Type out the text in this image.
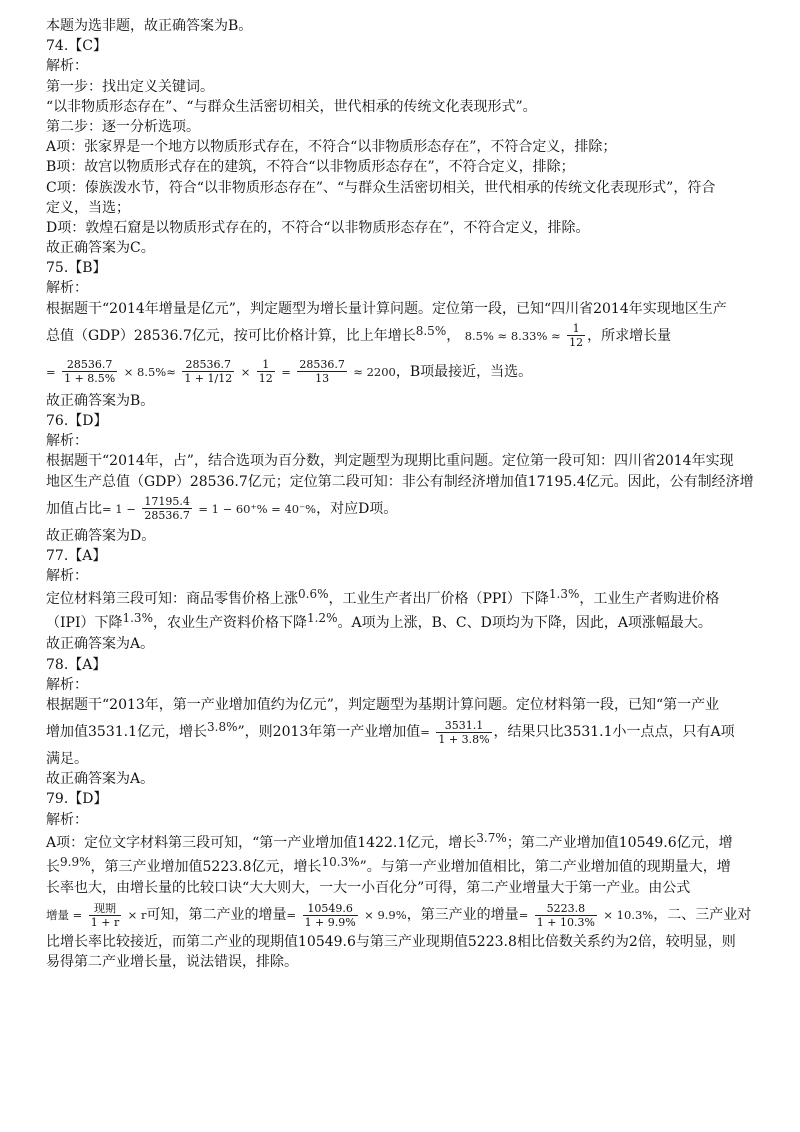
本题为选非题，故正确答案为B。
74.【C】
解析：
第一步：找出定义关键词。
“以非物质形态存在”、“与群众生活密切相关，世代相承的传统文化表现形式”。
第二步：逐一分析选项。
A项：张家界是一个地方以物质形式存在，不符合“以非物质形态存在”，不符合定义，排除；
B项：故宫以物质形式存在的建筑，不符合“以非物质形态存在”，不符合定义，排除；
C项：傣族泼水节，符合“以非物质形态存在”、“与群众生活密切相关，世代相承的传统文化表现形式”，符合
定义，当选；
D项：敦煌石窟是以物质形式存在的，不符合“以非物质形态存在”，不符合定义，排除。
故正确答案为C。
75.【B】
解析：
根据题干“2014年增量是亿元”，判定题型为增长量计算问题。定位第一段，已知“四川省2014年实现地区生产
总值（GDP）28536.7亿元，按可比价格计算，比上年增长8.5%， $8.5\% \approx 8.33\% \approx \frac{1}{12}$ ，所求增长量
= $\frac{28536.7}{1 + 8.5\%} \times 8.5\%\approx \frac{28536.7}{1 + 1/12} \times \frac{1}{12} = \frac{28536.7}{13} \approx 2200$，B项最接近，当选。
故正确答案为B。
76.【D】
解析：
根据题干“2014年，占”，结合选项为百分数，判定题型为现期比重问题。定位第一段可知：四川省2014年实现
地区生产总值（GDP）28536.7亿元；定位第二段可知：非公有制经济增加值17195.4亿元。因此，公有制经济增
加值占比= $1 - \frac{17195.4}{28536.7} = 1 - 60^+\% = 40^-\%$，对应D项。
故正确答案为D。
77.【A】
解析：
定位材料第三段可知：商品零售价格上涨0.6%，工业生产者出厂价格（PPI）下降1.3%，工业生产者购进价格
（IPI）下降1.3%，农业生产资料价格下降1.2%。A项为上涨，B、C、D项均为下降，因此，A项涨幅最大。
故正确答案为A。
78.【A】
解析：
根据题干“2013年，第一产业增加值约为亿元”，判定题型为基期计算问题。定位材料第一段，已知“第一产业
增加值3531.1亿元，增长3.8%”，则2013年第一产业增加值= $\frac{3531.1}{1 + 3.8\%}$ ，结果只比3531.1小一点点，只有A项
满足。
故正确答案为A。
79.【D】
解析：
A项：定位文字材料第三段可知，“第一产业增加值1422.1亿元，增长3.7%；第二产业增加值10549.6亿元，增
长9.9%，第三产业增加值5223.8亿元，增长10.3%”。与第一产业增加值相比，第二产业增加值的现期量大，增
长率也大，由增长量的比较口诀“大大则大，一大一小百化分”可得，第二产业增量大于第一产业。由公式
增量 = $\frac{\text{现期}}{1 + r} \times r$可知，第二产业的增量= $\frac{10549.6}{1 + 9.9\%} \times 9.9\%$，第三产业的增量= $\frac{5223.8}{1 + 10.3\%} \times 10.3\%$，二、三产业对
比增长率比较接近，而第二产业的现期值10549.6与第三产业现期值5223.8相比倍数关系约为2倍，较明显，则
易得第二产业增长量，说法错误，排除。
